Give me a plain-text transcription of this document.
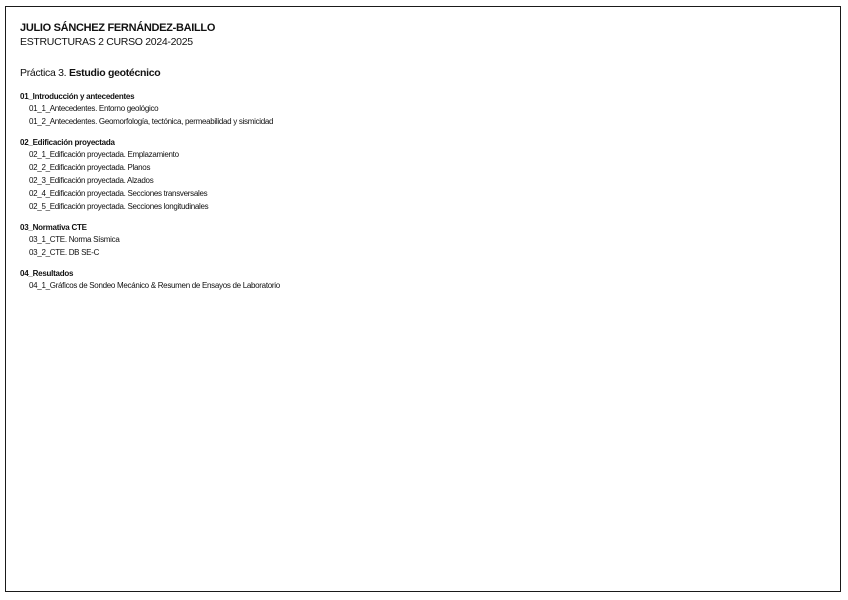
JULIO SÁNCHEZ FERNÁNDEZ-BAILLO
ESTRUCTURAS 2 CURSO 2024-2025
Práctica 3. Estudio geotécnico
01_Introducción y antecedentes
01_1_Antecedentes. Entorno geológico
01_2_Antecedentes. Geomorfología, tectónica, permeabilidad y sismicidad
02_Edificación proyectada
02_1_Edificación proyectada. Emplazamiento
02_2_Edificación proyectada. Planos
02_3_Edificación proyectada. Alzados
02_4_Edificación proyectada. Secciones transversales
02_5_Edificación proyectada. Secciones longitudinales
03_Normativa CTE
03_1_CTE. Norma Sísmica
03_2_CTE. DB SE-C
04_Resultados
04_1_Gráficos de Sondeo Mecánico & Resumen de Ensayos de Laboratorio
